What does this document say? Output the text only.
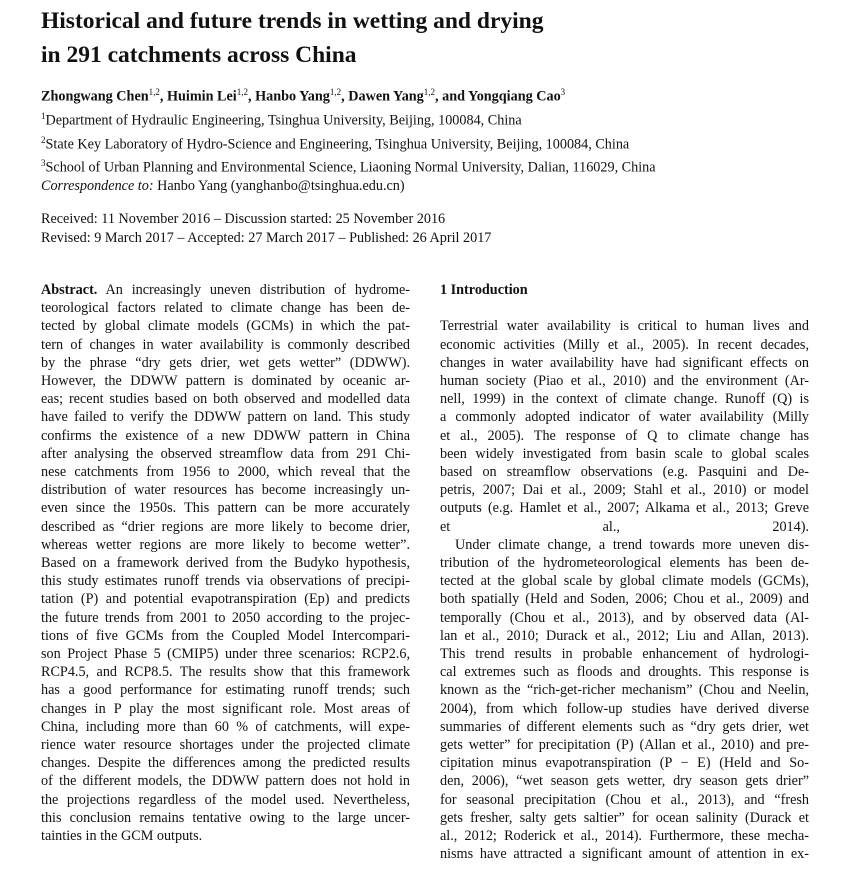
Historical and future trends in wetting and drying
in 291 catchments across China
Zhongwang Chen$^{1,2}$, Huimin Lei$^{1,2}$, Hanbo Yang$^{1,2}$, Dawen Yang$^{1,2}$, and Yongqiang Cao$^3$
$^1$Department of Hydraulic Engineering, Tsinghua University, Beijing, 100084, China
$^2$State Key Laboratory of Hydro-Science and Engineering, Tsinghua University, Beijing, 100084, China
$^3$School of Urban Planning and Environmental Science, Liaoning Normal University, Dalian, 116029, China
Correspondence to: Hanbo Yang (yanghanbo@tsinghua.edu.cn)
Received: 11 November 2016 – Discussion started: 25 November 2016
Revised: 9 March 2017 – Accepted: 27 March 2017 – Published: 26 April 2017
Abstract. An increasingly uneven distribution of hydrome-
teorological factors related to climate change has been de-
tected by global climate models (GCMs) in which the pat-
tern of changes in water availability is commonly described
by the phrase “dry gets drier, wet gets wetter” (DDWW).
However, the DDWW pattern is dominated by oceanic ar-
eas; recent studies based on both observed and modelled data
have failed to verify the DDWW pattern on land. This study
confirms the existence of a new DDWW pattern in China
after analysing the observed streamflow data from 291 Chi-
nese catchments from 1956 to 2000, which reveal that the
distribution of water resources has become increasingly un-
even since the 1950s. This pattern can be more accurately
described as “drier regions are more likely to become drier,
whereas wetter regions are more likely to become wetter”.
Based on a framework derived from the Budyko hypothesis,
this study estimates runoff trends via observations of precipi-
tation (P) and potential evapotranspiration (Ep) and predicts
the future trends from 2001 to 2050 according to the projec-
tions of five GCMs from the Coupled Model Intercompari-
son Project Phase 5 (CMIP5) under three scenarios: RCP2.6,
RCP4.5, and RCP8.5. The results show that this framework
has a good performance for estimating runoff trends; such
changes in P play the most significant role. Most areas of
China, including more than 60 % of catchments, will expe-
rience water resource shortages under the projected climate
changes. Despite the differences among the predicted results
of the different models, the DDWW pattern does not hold in
the projections regardless of the model used. Nevertheless,
this conclusion remains tentative owing to the large uncer-
tainties in the GCM outputs.
1 Introduction
Terrestrial water availability is critical to human lives and
economic activities (Milly et al., 2005). In recent decades,
changes in water availability have had significant effects on
human society (Piao et al., 2010) and the environment (Ar-
nell, 1999) in the context of climate change. Runoff (Q) is
a commonly adopted indicator of water availability (Milly
et al., 2005). The response of Q to climate change has
been widely investigated from basin scale to global scales
based on streamflow observations (e.g. Pasquini and De-
petris, 2007; Dai et al., 2009; Stahl et al., 2010) or model
outputs (e.g. Hamlet et al., 2007; Alkama et al., 2013; Greve
et al., 2014).
Under climate change, a trend towards more uneven dis-
tribution of the hydrometeorological elements has been de-
tected at the global scale by global climate models (GCMs),
both spatially (Held and Soden, 2006; Chou et al., 2009) and
temporally (Chou et al., 2013), and by observed data (Al-
lan et al., 2010; Durack et al., 2012; Liu and Allan, 2013).
This trend results in probable enhancement of hydrologi-
cal extremes such as floods and droughts. This response is
known as the “rich-get-richer mechanism” (Chou and Neelin,
2004), from which follow-up studies have derived diverse
summaries of different elements such as “dry gets drier, wet
gets wetter” for precipitation (P) (Allan et al., 2010) and pre-
cipitation minus evapotranspiration (P − E) (Held and So-
den, 2006), “wet season gets wetter, dry season gets drier”
for seasonal precipitation (Chou et al., 2013), and “fresh
gets fresher, salty gets saltier” for ocean salinity (Durack et
al., 2012; Roderick et al., 2014). Furthermore, these mecha-
nisms have attracted a significant amount of attention in ex-
